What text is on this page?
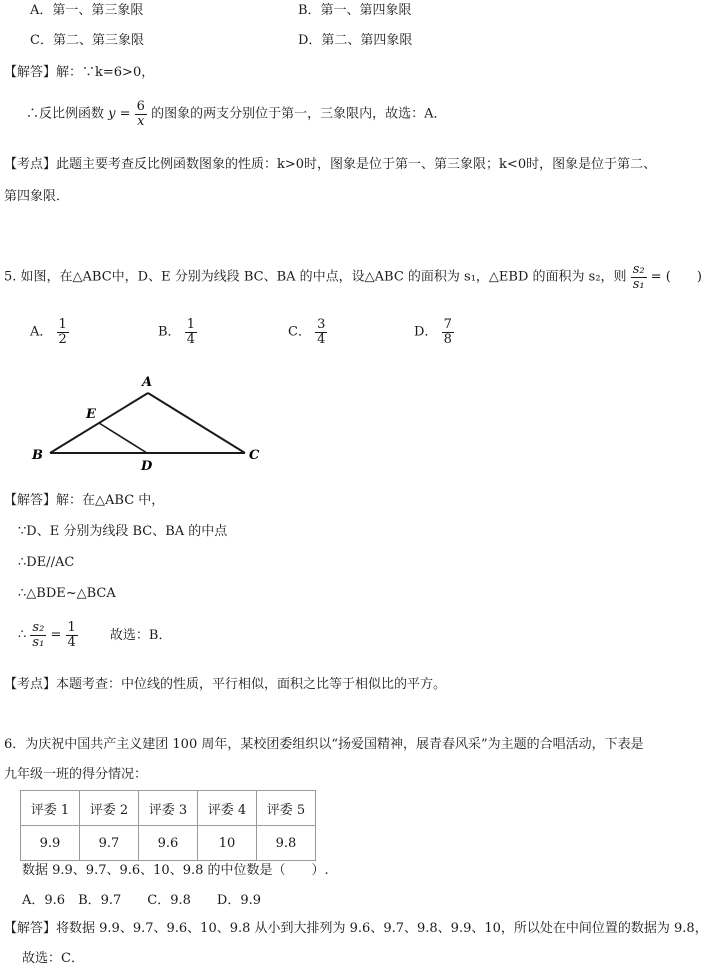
A．第一、第三象限	B．第一、第四象限
C．第二、第三象限	D．第二、第四象限
【解答】解：∵k=6>0，
∴反比例函数 $y = \frac{6}{x}$ 的图象的两支分别位于第一，三象限内，故选：A．
【考点】此题主要考查反比例函数图象的性质：k>0时，图象是位于第一、第三象限；k<0时，图象是位于第二、
第四象限．
5. 如图，在△ABC中，D、E 分别为线段 BC、BA 的中点，设△ABC 的面积为 s₁，△EBD 的面积为 s₂，则 $\frac{\text{s₂}}{\text{s₁}}$ = (　　)
A． $\frac{1}{2}$	B． $\frac{1}{4}$	C． $\frac{3}{4}$	D． $\frac{7}{8}$
A
E
B
D
C
【解答】解：在△ABC 中，
∵D、E 分别为线段 BC、BA 的中点
∴DE//AC
∴△BDE~△BCA
∴ $\frac{\text{s₂}}{\text{s₁}} = \frac{1}{4}$ 故选：B．
【考点】本题考查：中位线的性质，平行相似，面积之比等于相似比的平方。
6．为庆祝中国共产主义建团 100 周年，某校团委组织以“扬爱国精神，展青春风采”为主题的合唱活动，下表是
九年级一班的得分情况：
评委 1	评委 2	评委 3	评委 4	评委 5
9.9	9.7	9.6	10	9.8
数据 9.9、9.7、9.6、10、9.8 的中位数是（　　）.
A．9.6　B．9.7　　C．9.8　　D．9.9
【解答】将数据 9.9、9.7、9.6、10、9.8 从小到大排列为 9.6、9.7、9.8、9.9、10，所以处在中间位置的数据为 9.8，
故选：C．
